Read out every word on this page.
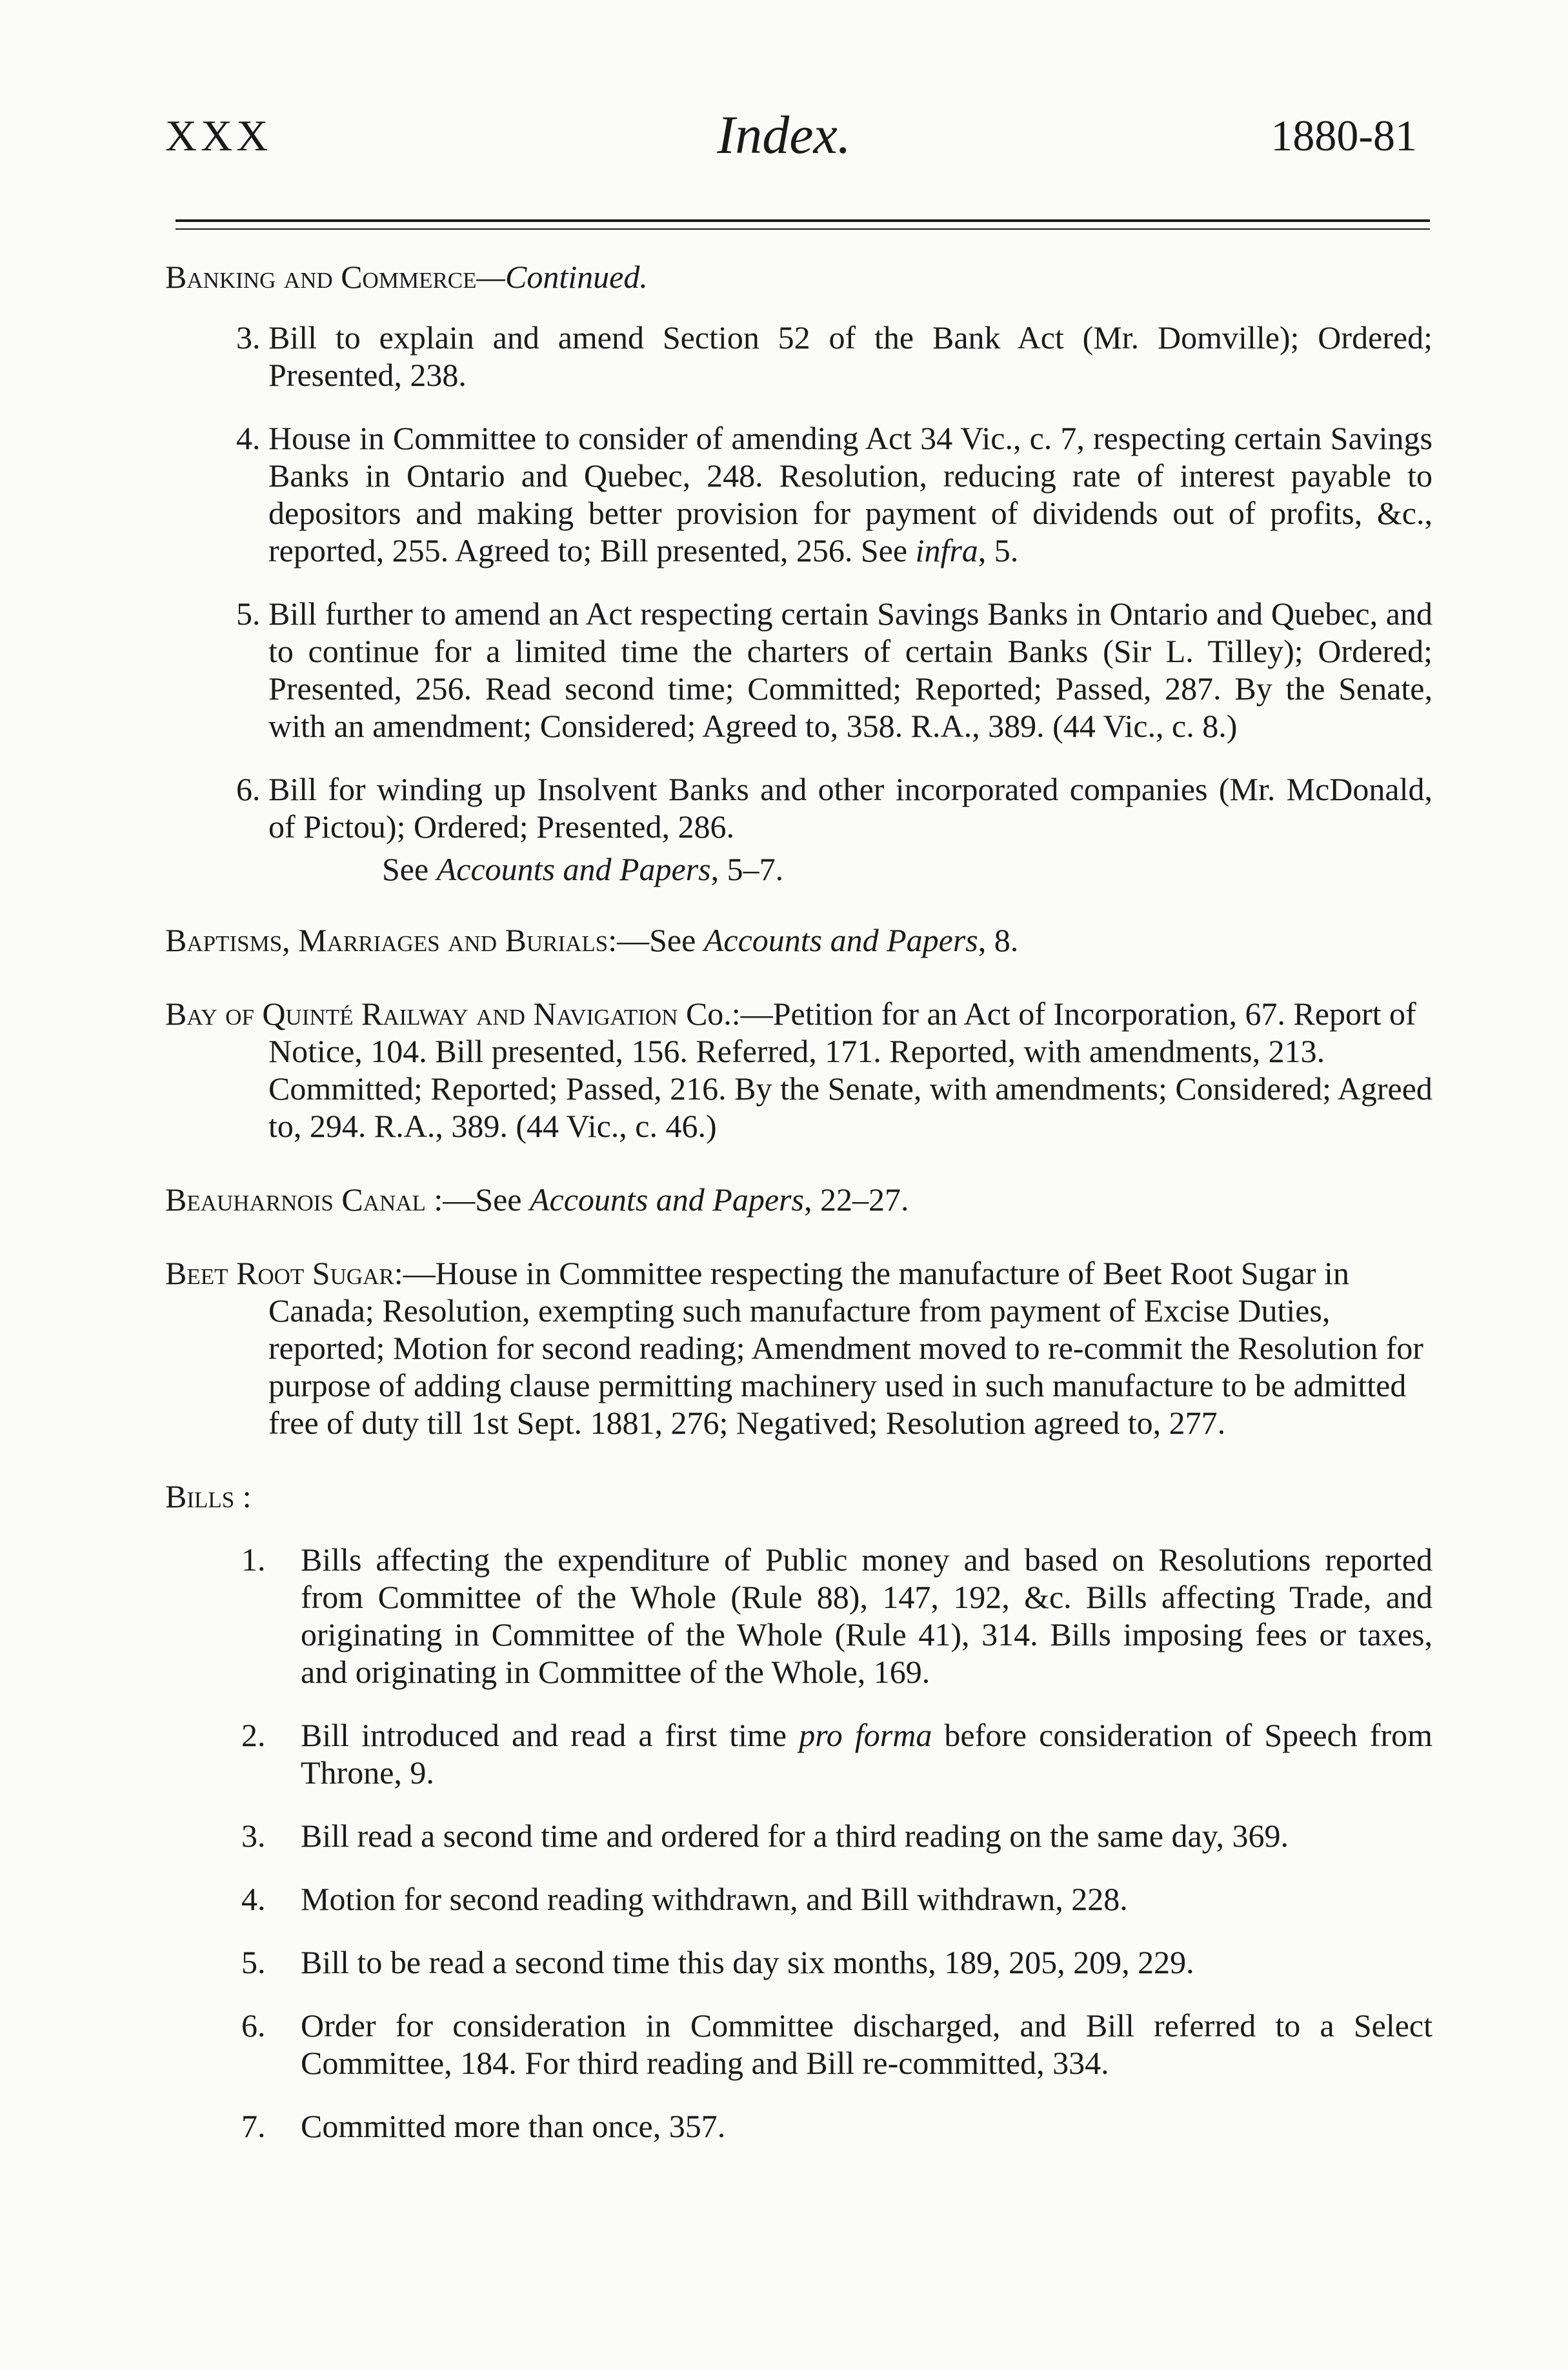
XXX	Index.	1880-81
Banking and Commerce—Continued.
3. Bill to explain and amend Section 52 of the Bank Act (Mr. Domville); Ordered; Presented, 238.
4. House in Committee to consider of amending Act 34 Vic., c. 7, respecting certain Savings Banks in Ontario and Quebec, 248. Resolution, reducing rate of interest payable to depositors and making better provision for payment of dividends out of profits, &c., reported, 255. Agreed to; Bill presented, 256. See infra, 5.
5. Bill further to amend an Act respecting certain Savings Banks in Ontario and Quebec, and to continue for a limited time the charters of certain Banks (Sir L. Tilley); Ordered; Presented, 256. Read second time; Committed; Reported; Passed, 287. By the Senate, with an amendment; Considered; Agreed to, 358. R.A., 389. (44 Vic., c. 8.)
6. Bill for winding up Insolvent Banks and other incorporated companies (Mr. McDonald, of Pictou); Ordered; Presented, 286.
See Accounts and Papers, 5–7.
Baptisms, Marriages and Burials:—See Accounts and Papers, 8.
Bay of Quinté Railway and Navigation Co.:—Petition for an Act of Incorporation, 67. Report of Notice, 104. Bill presented, 156. Referred, 171. Reported, with amendments, 213. Committed; Reported; Passed, 216. By the Senate, with amendments; Considered; Agreed to, 294. R.A., 389. (44 Vic., c. 46.)
Beauharnois Canal :—See Accounts and Papers, 22–27.
Beet Root Sugar:—House in Committee respecting the manufacture of Beet Root Sugar in Canada; Resolution, exempting such manufacture from payment of Excise Duties, reported; Motion for second reading; Amendment moved to re-commit the Resolution for purpose of adding clause permitting machinery used in such manufacture to be admitted free of duty till 1st Sept. 1881, 276; Negatived; Resolution agreed to, 277.
Bills :
1. Bills affecting the expenditure of Public money and based on Resolutions reported from Committee of the Whole (Rule 88), 147, 192, &c. Bills affecting Trade, and originating in Committee of the Whole (Rule 41), 314. Bills imposing fees or taxes, and originating in Committee of the Whole, 169.
2. Bill introduced and read a first time pro forma before consideration of Speech from Throne, 9.
3. Bill read a second time and ordered for a third reading on the same day, 369.
4. Motion for second reading withdrawn, and Bill withdrawn, 228.
5. Bill to be read a second time this day six months, 189, 205, 209, 229.
6. Order for consideration in Committee discharged, and Bill referred to a Select Committee, 184. For third reading and Bill re-committed, 334.
7. Committed more than once, 357.
